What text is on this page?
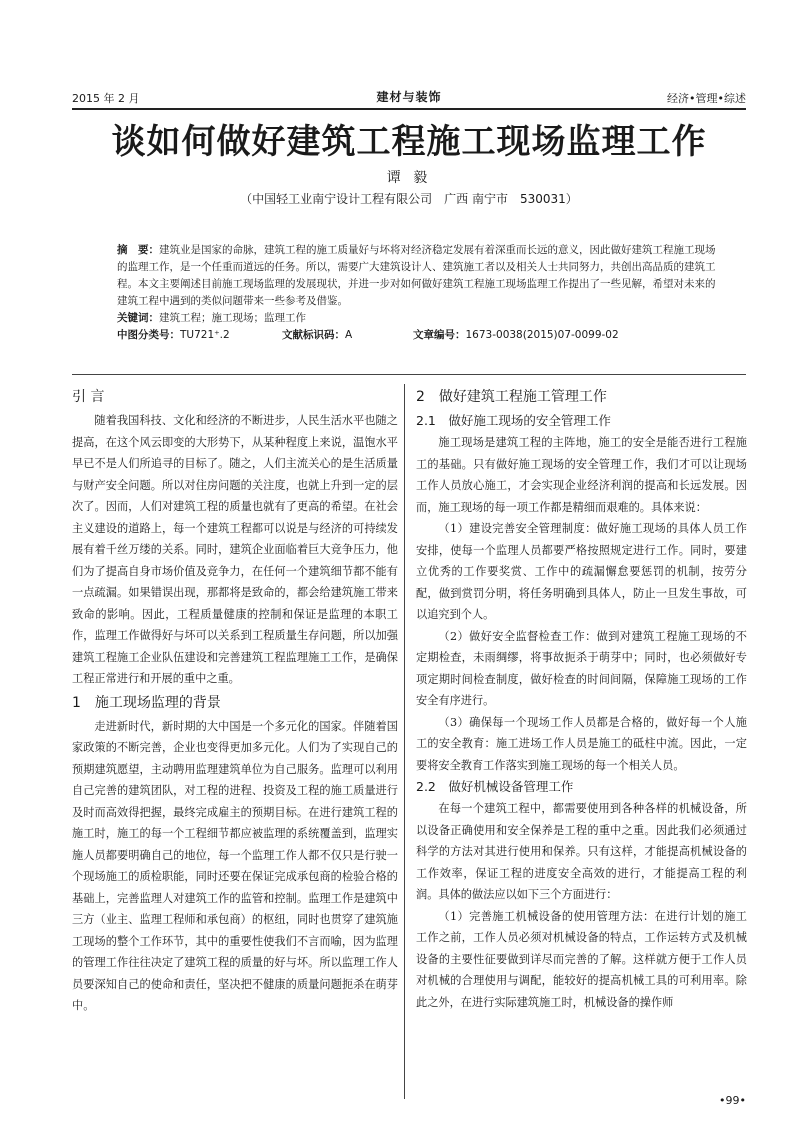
2015 年 2 月	建材与装饰	经济•管理•综述
谈如何做好建筑工程施工现场监理工作
谭 毅
（中国轻工业南宁设计工程有限公司　广西 南宁市　530031）

摘　要：建筑业是国家的命脉，建筑工程的施工质量好与坏将对经济稳定发展有着深重而长远的意义，因此做好建筑工程施工现场的监理工作，是一个任重而道远的任务。所以，需要广大建筑设计人、建筑施工者以及相关人士共同努力，共创出高品质的建筑工程。本文主要阐述目前施工现场监理的发展现状，并进一步对如何做好建筑工程施工现场监理工作提出了一些见解，希望对未来的建筑工程中遇到的类似问题带来一些参考及借鉴。

关键词：建筑工程；施工现场；监理工作

中图分类号：TU721⁺.2	文献标识码：A	文章编号：1673-0038(2015)07-0099-02
引 言

随着我国科技、文化和经济的不断进步，人民生活水平也随之提高，在这个风云即变的大形势下，从某种程度上来说，温饱水平早已不是人们所追寻的目标了。随之，人们主流关心的是生活质量与财产安全问题。所以对住房问题的关注度，也就上升到一定的层次了。因而，人们对建筑工程的质量也就有了更高的希望。在社会主义建设的道路上，每一个建筑工程都可以说是与经济的可持续发展有着千丝万缕的关系。同时，建筑企业面临着巨大竞争压力，他们为了提高自身市场价值及竞争力，在任何一个建筑细节都不能有一点疏漏。如果错误出现，那都将是致命的，都会给建筑施工带来致命的影响。因此，工程质量健康的控制和保证是监理的本职工作，监理工作做得好与坏可以关系到工程质量生存问题，所以加强建筑工程施工企业队伍建设和完善建筑工程监理施工工作，是确保工程正常进行和开展的重中之重。

1　施工现场监理的背景

走进新时代，新时期的大中国是一个多元化的国家。伴随着国家政策的不断完善，企业也变得更加多元化。人们为了实现自己的预期建筑愿望，主动聘用监理建筑单位为自己服务。监理可以利用自己完善的建筑团队，对工程的进程、投资及工程的施工质量进行及时而高效得把握，最终完成雇主的预期目标。在进行建筑工程的施工时，施工的每一个工程细节都应被监理的系统覆盖到，监理实施人员都要明确自己的地位，每一个监理工作人都不仅只是行驶一个现场施工的质检职能，同时还要在保证完成承包商的检验合格的基础上，完善监理人对建筑工作的监管和控制。监理工作是建筑中三方（业主、监理工程师和承包商）的枢纽，同时也贯穿了建筑施工现场的整个工作环节，其中的重要性使我们不言而喻，因为监理的管理工作往往决定了建筑工程的质量的好与坏。所以监理工作人员要深知自己的使命和责任，坚决把不健康的质量问题扼杀在萌芽中。

2　做好建筑工程施工管理工作
2.1　做好施工现场的安全管理工作

施工现场是建筑工程的主阵地，施工的安全是能否进行工程施工的基础。只有做好施工现场的安全管理工作，我们才可以让现场工作人员放心施工，才会实现企业经济利润的提高和长远发展。因而，施工现场的每一项工作都是精细而艰难的。具体来说：

（1）建设完善安全管理制度：做好施工现场的具体人员工作安排，使每一个监理人员都要严格按照规定进行工作。同时，要建立优秀的工作要奖赏、工作中的疏漏懈怠要惩罚的机制，按劳分配，做到赏罚分明，将任务明确到具体人，防止一旦发生事故，可以追究到个人。

（2）做好安全监督检查工作：做到对建筑工程施工现场的不定期检查，未雨绸缪，将事故扼杀于萌芽中；同时，也必须做好专项定期时间检查制度，做好检查的时间间隔，保障施工现场的工作安全有序进行。

（3）确保每一个现场工作人员都是合格的，做好每一个人施工的安全教育：施工进场工作人员是施工的砥柱中流。因此，一定要将安全教育工作落实到施工现场的每一个相关人员。

2.2　做好机械设备管理工作

在每一个建筑工程中，都需要使用到各种各样的机械设备，所以设备正确使用和安全保养是工程的重中之重。因此我们必须通过科学的方法对其进行使用和保养。只有这样，才能提高机械设备的工作效率，保证工程的进度安全高效的进行，才能提高工程的利润。具体的做法应以如下三个方面进行：

（1）完善施工机械设备的使用管理方法：在进行计划的施工工作之前，工作人员必须对机械设备的特点，工作运转方式及机械设备的主要性征要做到详尽而完善的了解。这样就方便于工作人员对机械的合理使用与调配，能较好的提高机械工具的可利用率。除此之外，在进行实际建筑施工时，机械设备的操作师

•99•
